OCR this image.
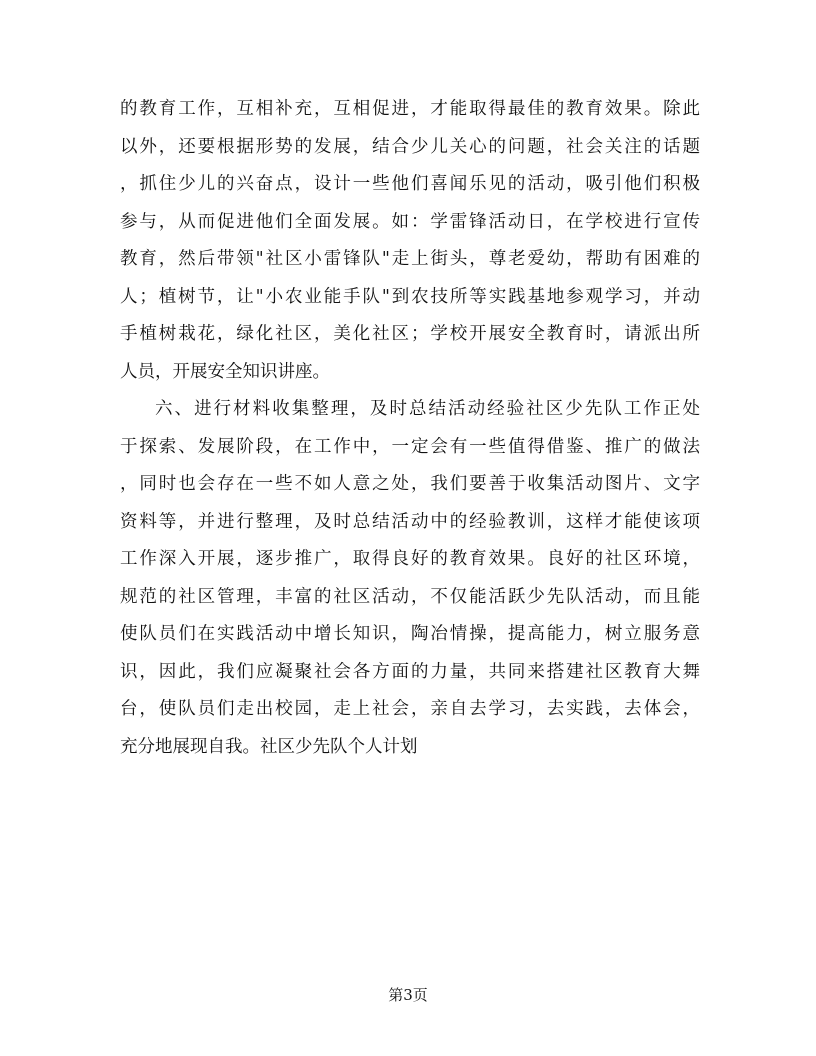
的教育工作，互相补充，互相促进，才能取得最佳的教育效果。除此
以外，还要根据形势的发展，结合少儿关心的问题，社会关注的话题
，抓住少儿的兴奋点，设计一些他们喜闻乐见的活动，吸引他们积极
参与，从而促进他们全面发展。如：学雷锋活动日，在学校进行宣传
教育，然后带领"社区小雷锋队"走上街头，尊老爱幼，帮助有困难的
人；植树节，让"小农业能手队"到农技所等实践基地参观学习，并动
手植树栽花，绿化社区，美化社区；学校开展安全教育时，请派出所
人员，开展安全知识讲座。
六、进行材料收集整理，及时总结活动经验社区少先队工作正处
于探索、发展阶段，在工作中，一定会有一些值得借鉴、推广的做法
，同时也会存在一些不如人意之处，我们要善于收集活动图片、文字
资料等，并进行整理，及时总结活动中的经验教训，这样才能使该项
工作深入开展，逐步推广，取得良好的教育效果。良好的社区环境，
规范的社区管理，丰富的社区活动，不仅能活跃少先队活动，而且能
使队员们在实践活动中增长知识，陶冶情操，提高能力，树立服务意
识，因此，我们应凝聚社会各方面的力量，共同来搭建社区教育大舞
台，使队员们走出校园，走上社会，亲自去学习，去实践，去体会，
充分地展现自我。社区少先队个人计划
第3页
